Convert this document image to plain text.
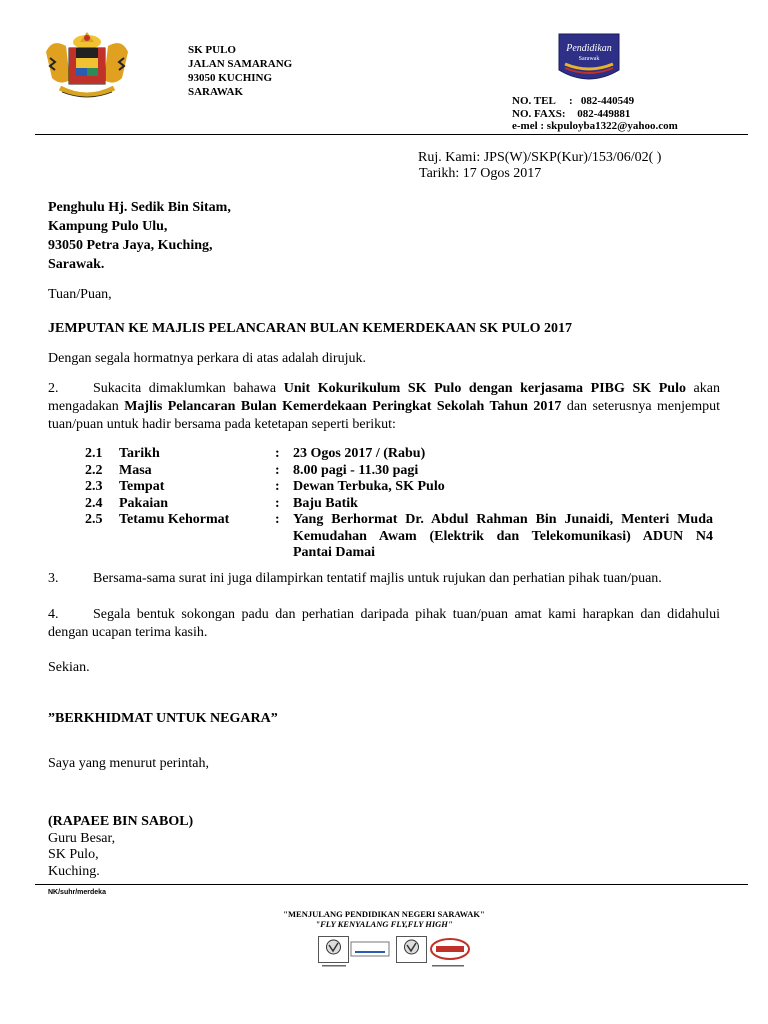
SK PULO
JALAN SAMARANG
93050 KUCHING
SARAWAK
Pendidikan
Sarawak
NO. TEL :   082-440549
NO. FAXS: 082-449881
e-mel : skpuloyba1322@yahoo.com
Ruj. Kami: JPS(W)/SKP(Kur)/153/06/02( )
Tarikh: 17 Ogos 2017
Penghulu Hj. Sedik Bin Sitam,
Kampung Pulo Ulu,
93050 Petra Jaya, Kuching,
Sarawak.
Tuan/Puan,
JEMPUTAN KE MAJLIS PELANCARAN BULAN KEMERDEKAAN SK PULO 2017
Dengan segala hormatnya perkara di atas adalah dirujuk.
2. Sukacita dimaklumkan bahawa Unit Kokurikulum SK Pulo dengan kerjasama PIBG SK Pulo akan
mengadakan Majlis Pelancaran Bulan Kemerdekaan Peringkat Sekolah Tahun 2017 dan seterusnya menjemput
tuan/puan untuk hadir bersama pada ketetapan seperti berikut:
2.1	Tarikh	: 23 Ogos 2017 / (Rabu)
2.2	Masa	: 8.00 pagi - 11.30 pagi
2.3	Tempat	: Dewan Terbuka, SK Pulo
2.4	Pakaian	: Baju Batik
2.5	Tetamu Kehormat	: Yang Berhormat Dr. Abdul Rahman Bin Junaidi, Menteri Muda
Kemudahan Awam (Elektrik dan Telekomunikasi) ADUN N4
Pantai Damai
3. Bersama-sama surat ini juga dilampirkan tentatif majlis untuk rujukan dan perhatian pihak tuan/puan.
4. Segala bentuk sokongan padu dan perhatian daripada pihak tuan/puan amat kami harapkan dan didahului
dengan ucapan terima kasih.
Sekian.
”BERKHIDMAT UNTUK NEGARA”
Saya yang menurut perintah,
(RAPAEE BIN SABOL)
Guru Besar,
SK Pulo,
Kuching.
NK/suhr/merdeka
"MENJULANG PENDIDIKAN NEGERI SARAWAK"
"FLY KENYALANG FLY,FLY HIGH"
